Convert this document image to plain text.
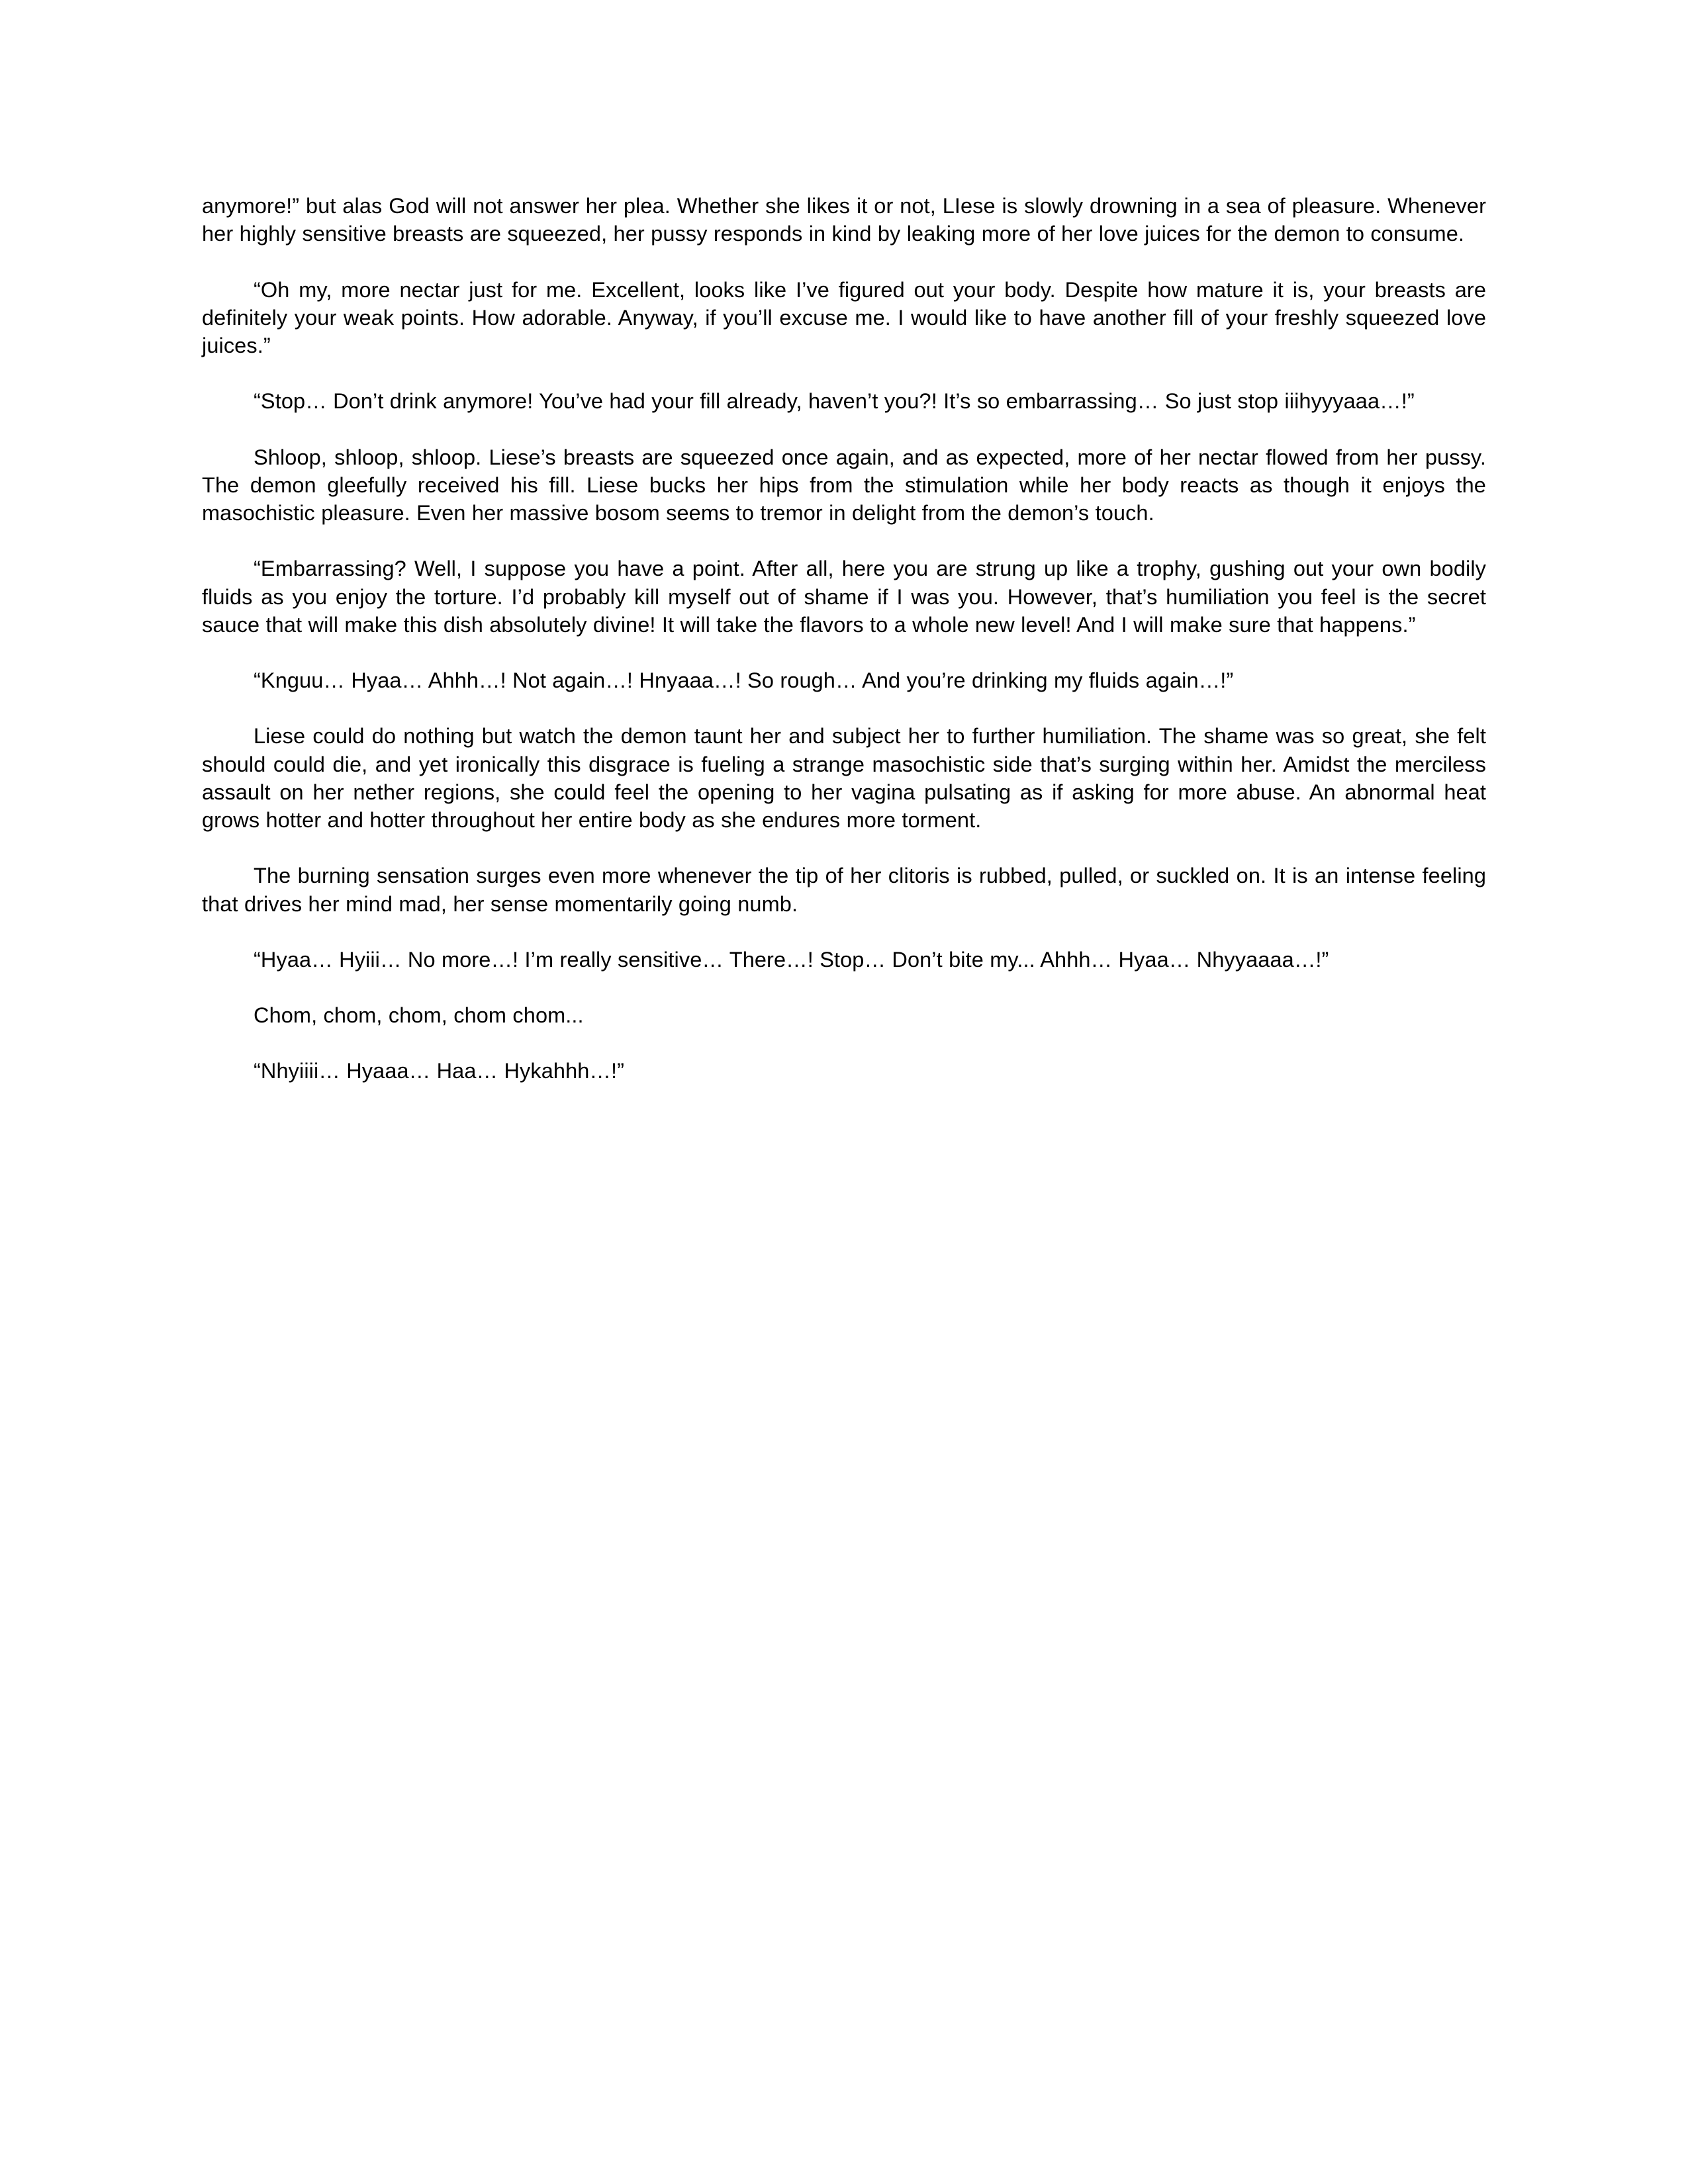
anymore!” but alas God will not answer her plea. Whether she likes it or not, LIese is slowly drowning in a sea of pleasure. Whenever her highly sensitive breasts are squeezed, her pussy responds in kind by leaking more of her love juices for the demon to consume.

“Oh my, more nectar just for me. Excellent, looks like I’ve figured out your body. Despite how mature it is, your breasts are definitely your weak points. How adorable. Anyway, if you’ll excuse me. I would like to have another fill of your freshly squeezed love juices.”

“Stop… Don’t drink anymore! You’ve had your fill already, haven’t you?! It’s so embarrassing… So just stop iiihyyyaaa…!”

Shloop, shloop, shloop. Liese’s breasts are squeezed once again, and as expected, more of her nectar flowed from her pussy. The demon gleefully received his fill. Liese bucks her hips from the stimulation while her body reacts as though it enjoys the masochistic pleasure. Even her massive bosom seems to tremor in delight from the demon’s touch.

“Embarrassing? Well, I suppose you have a point. After all, here you are strung up like a trophy, gushing out your own bodily fluids as you enjoy the torture. I’d probably kill myself out of shame if I was you. However, that’s humiliation you feel is the secret sauce that will make this dish absolutely divine! It will take the flavors to a whole new level! And I will make sure that happens.”

“Knguu… Hyaa… Ahhh…! Not again…! Hnyaaa…! So rough… And you’re drinking my fluids again…!”

Liese could do nothing but watch the demon taunt her and subject her to further humiliation. The shame was so great, she felt should could die, and yet ironically this disgrace is fueling a strange masochistic side that’s surging within her. Amidst the merciless assault on her nether regions, she could feel the opening to her vagina pulsating as if asking for more abuse. An abnormal heat grows hotter and hotter throughout her entire body as she endures more torment.

The burning sensation surges even more whenever the tip of her clitoris is rubbed, pulled, or suckled on. It is an intense feeling that drives her mind mad, her sense momentarily going numb.

“Hyaa… Hyiii… No more…! I’m really sensitive… There…! Stop… Don’t bite my... Ahhh… Hyaa… Nhyyaaaa…!”

Chom, chom, chom, chom chom...

“Nhyiiii… Hyaaa… Haa… Hykahhh…!”
